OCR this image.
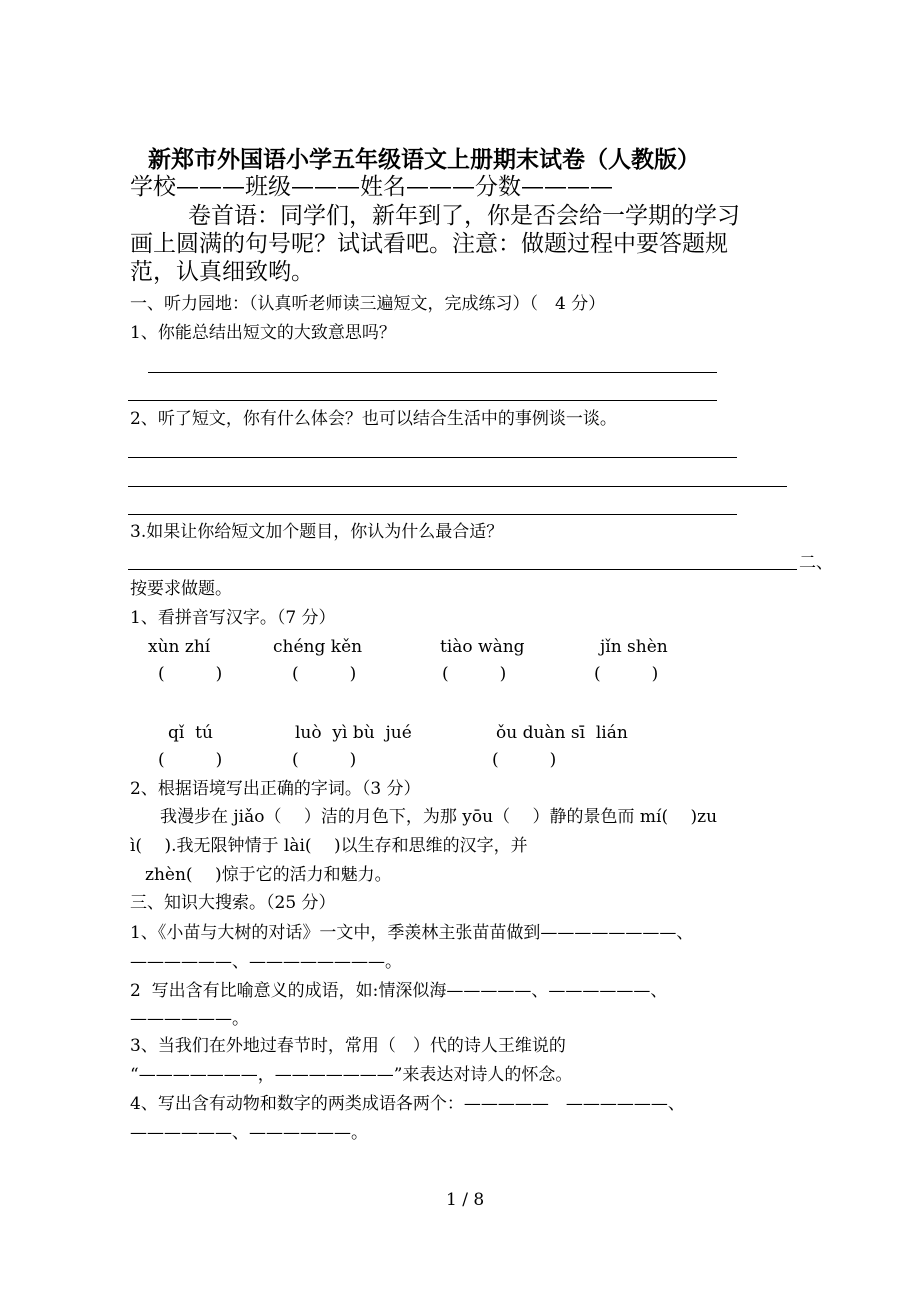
新郑市外国语小学五年级语文上册期末试卷（人教版）
学校———班级———姓名———分数————
卷首语：同学们，新年到了，你是否会给一学期的学习
画上圆满的句号呢？试试看吧。注意：做题过程中要答题规
范，认真细致哟。
一、听力园地：（认真听老师读三遍短文，完成练习）（　4 分）
1、你能总结出短文的大致意思吗？
2、听了短文，你有什么体会？也可以结合生活中的事例谈一谈。
3.如果让你给短文加个题目，你认为什么最合适？
二、
按要求做题。
1、看拼音写汉字。（7 分）
xùn zhí	chéng kěn	tiào wàng	jǐn shèn
(　　　)	(　　　)	(　　　)	(　　　)
qǐ  tú	luò  yì bù  jué	ǒu duàn sī  lián
(　　　)	(　　　)	(　　　)
2、根据语境写出正确的字词。（3 分）
我漫步在 jiǎo（　 ）洁的月色下，为那 yōu（　 ）静的景色而 mí(　 )zu
ì(　 ).我无限钟情于 lài(　 )以生存和思维的汉字，并
zhèn(　 )惊于它的活力和魅力。
三、知识大搜索。（25 分）
1、《小苗与大树的对话》一文中，季羡林主张苗苗做到————————、
——————、————————。
2  写出含有比喻意义的成语，如:情深似海—————、——————、
——————。
3、当我们在外地过春节时，常用（　）代的诗人王维说的
“———————，———————”来表达对诗人的怀念。
4、写出含有动物和数字的两类成语各两个：—————　——————、
——————、——————。
1 / 8
